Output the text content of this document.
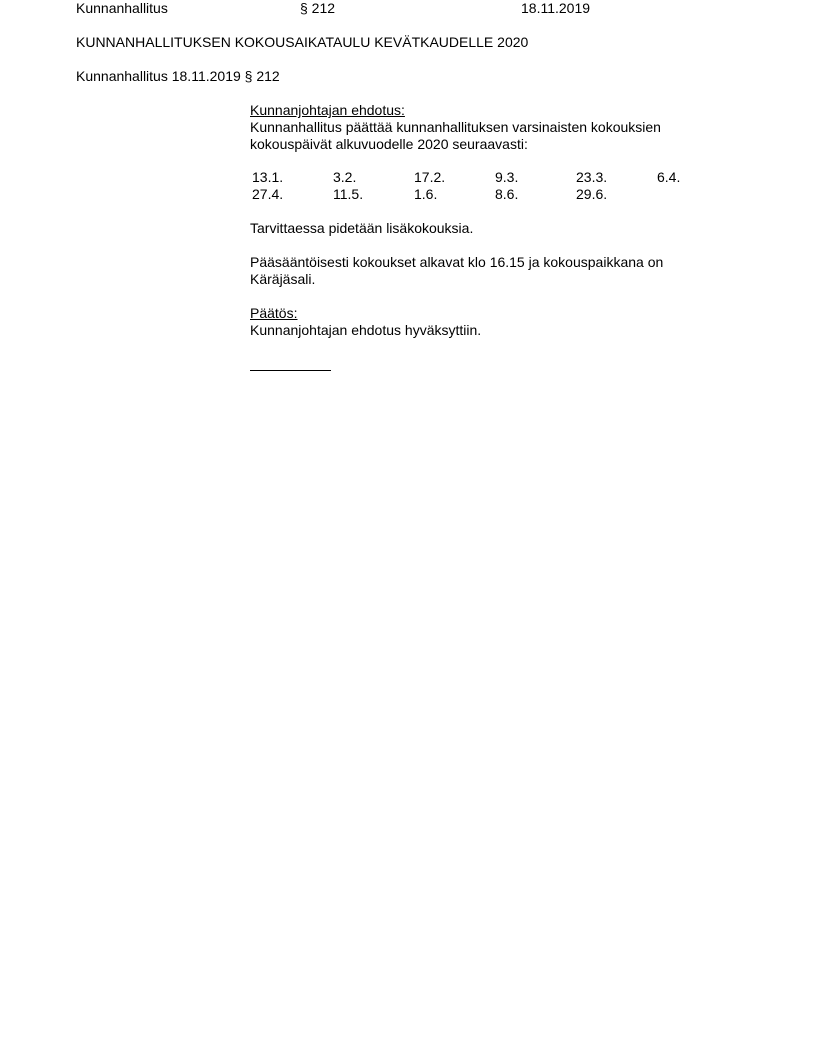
Kunnanhallitus	§ 212	18.11.2019
KUNNANHALLITUKSEN KOKOUSAIKATAULU KEVÄTKAUDELLE 2020
Kunnanhallitus 18.11.2019 § 212
Kunnanjohtajan ehdotus:
Kunnanhallitus päättää kunnanhallituksen varsinaisten kokouksien
kokouspäivät alkuvuodelle 2020 seuraavasti:
13.1.	3.2.	17.2.	9.3.	23.3.	6.4.
27.4.	11.5.	1.6.	8.6.	29.6.	
Tarvittaessa pidetään lisäkokouksia.
Pääsääntöisesti kokoukset alkavat klo 16.15 ja kokouspaikkana on
Käräjäsali.
Päätös:
Kunnanjohtajan ehdotus hyväksyttiin.
